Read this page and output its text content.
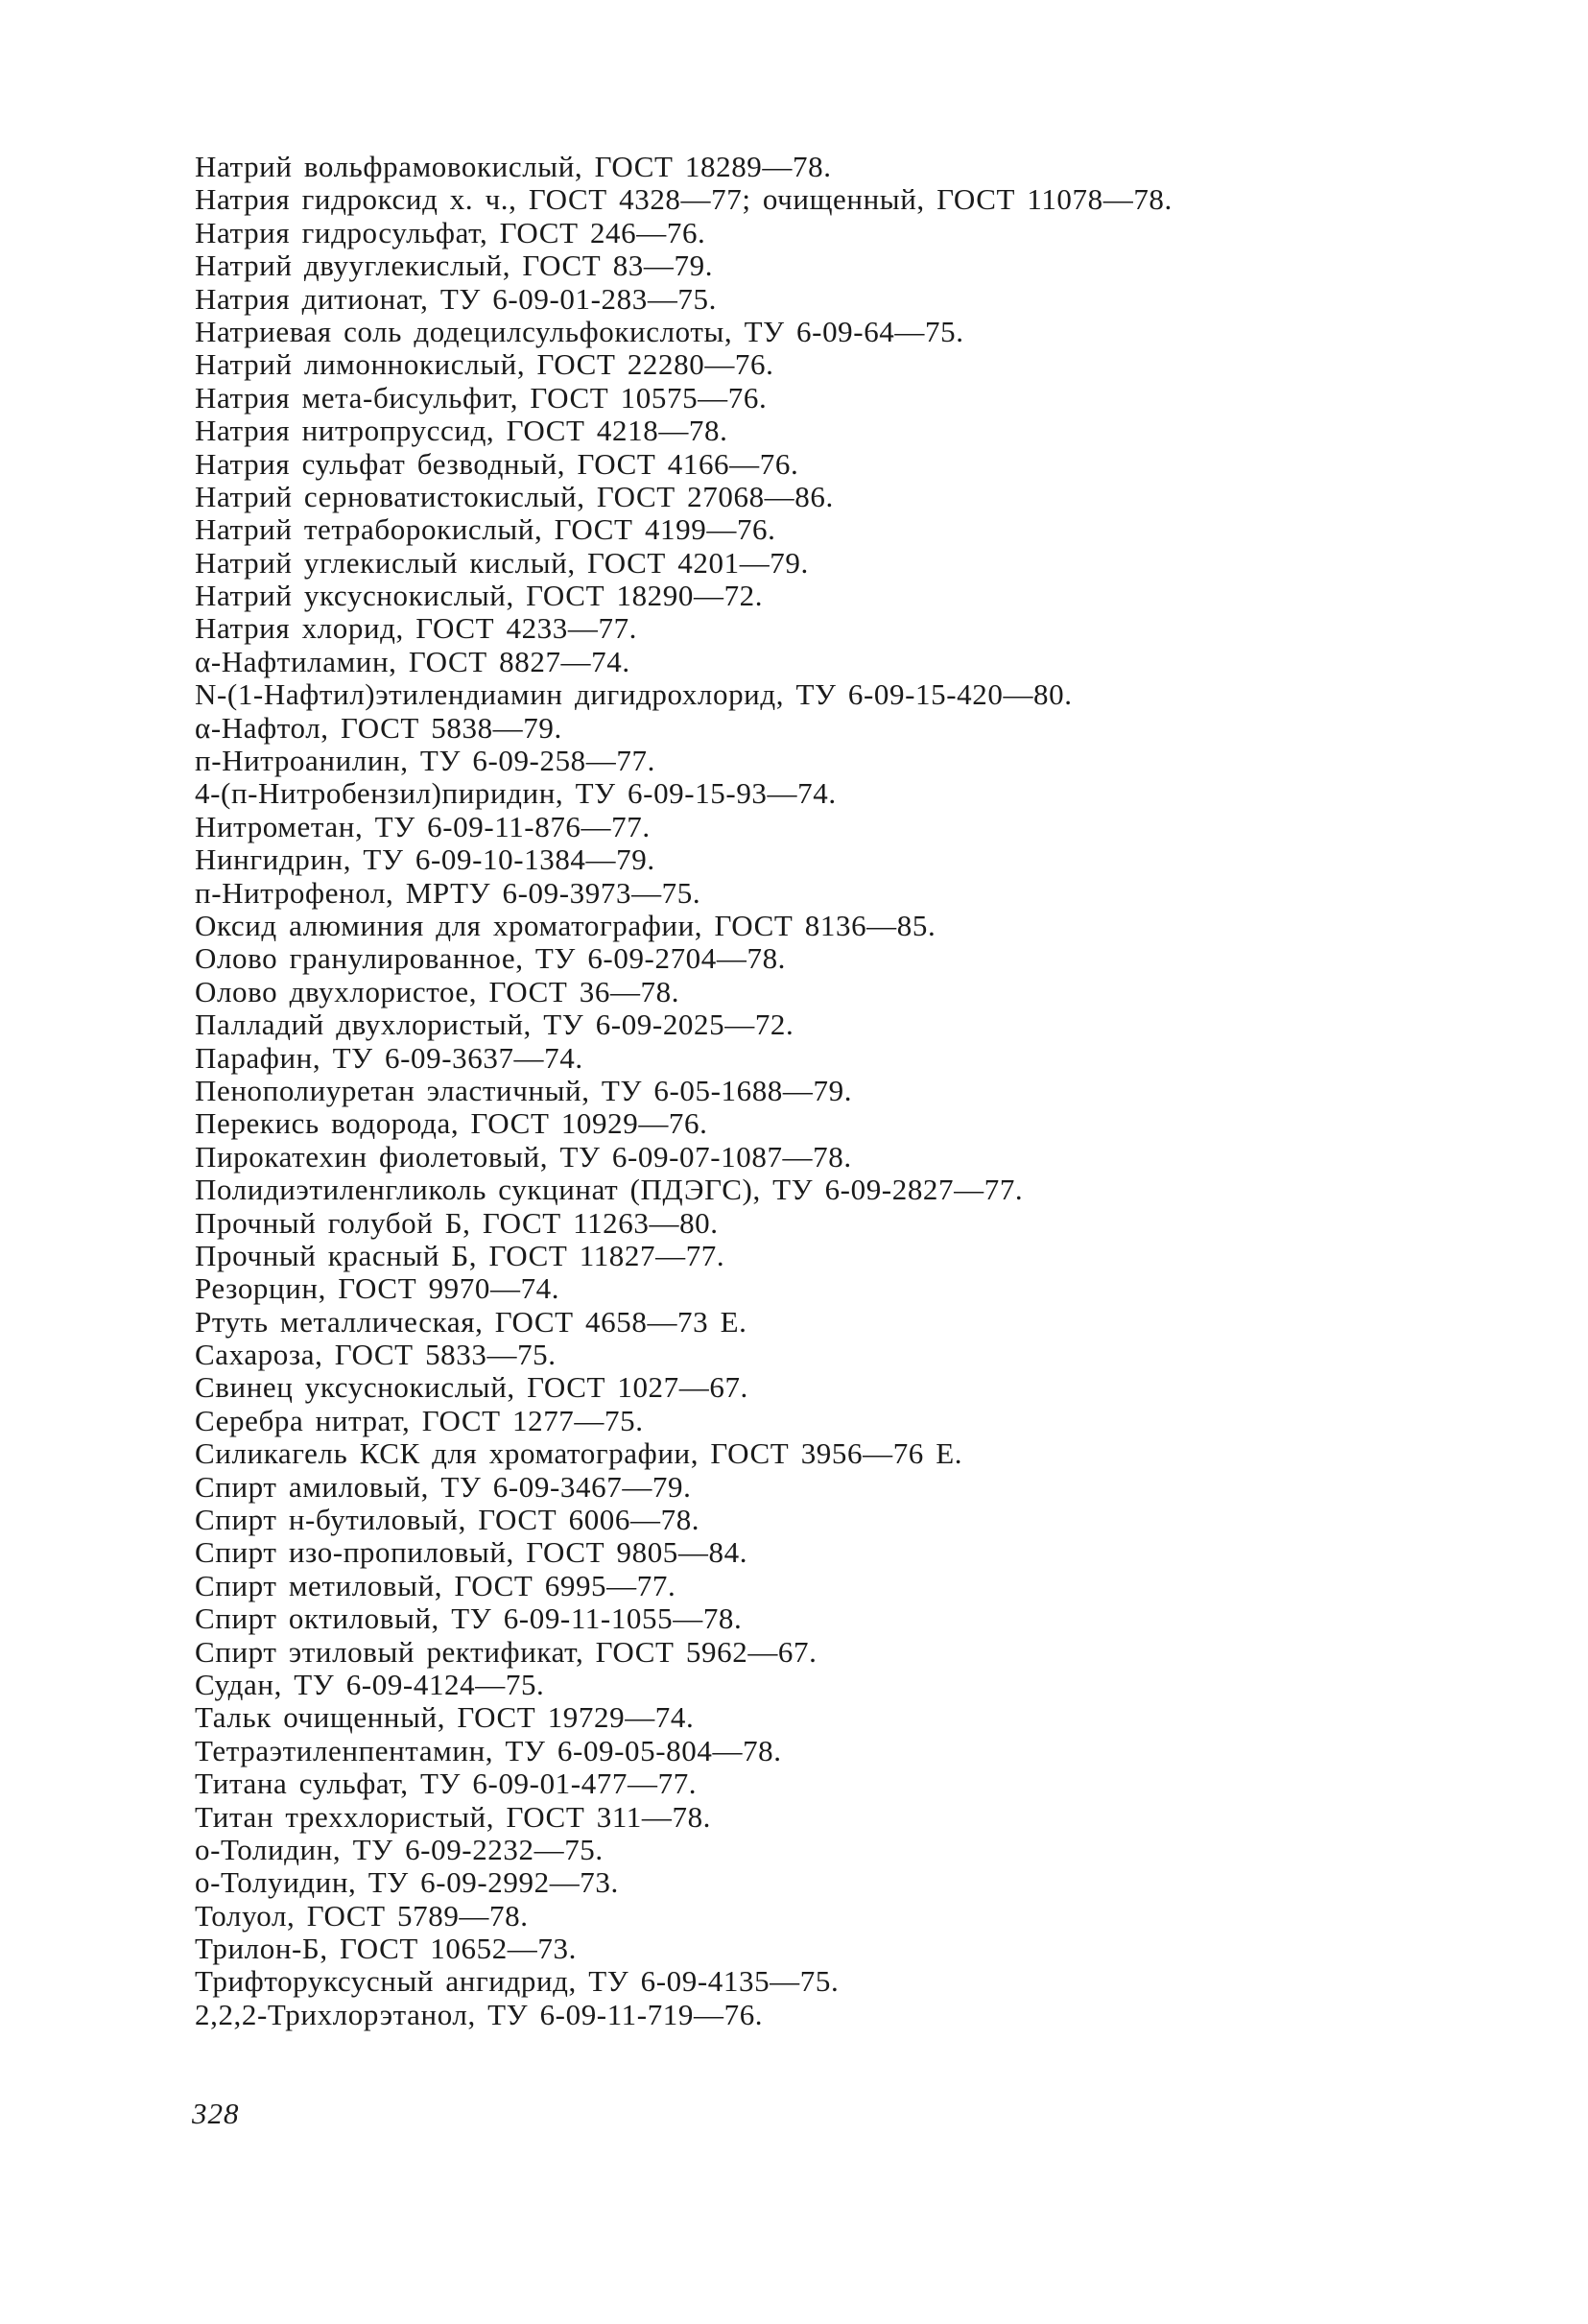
Натрий вольфрамовокислый, ГОСТ 18289—78.
Натрия гидроксид х. ч., ГОСТ 4328—77; очищенный, ГОСТ 11078—78.
Натрия гидросульфат, ГОСТ 246—76.
Натрий двууглекислый, ГОСТ 83—79.
Натрия дитионат, ТУ 6-09-01-283—75.
Натриевая соль додецилсульфокислоты, ТУ 6-09-64—75.
Натрий лимоннокислый, ГОСТ 22280—76.
Натрия мета-бисульфит, ГОСТ 10575—76.
Натрия нитропруссид, ГОСТ 4218—78.
Натрия сульфат безводный, ГОСТ 4166—76.
Натрий серноватистокислый, ГОСТ 27068—86.
Натрий тетраборокислый, ГОСТ 4199—76.
Натрий углекислый кислый, ГОСТ 4201—79.
Натрий уксуснокислый, ГОСТ 18290—72.
Натрия хлорид, ГОСТ 4233—77.
α-Нафтиламин, ГОСТ 8827—74.
N-(1-Нафтил)этилендиамин дигидрохлорид, ТУ 6-09-15-420—80.
α-Нафтол, ГОСТ 5838—79.
п-Нитроанилин, ТУ 6-09-258—77.
4-(п-Нитробензил)пиридин, ТУ 6-09-15-93—74.
Нитрометан, ТУ 6-09-11-876—77.
Нингидрин, ТУ 6-09-10-1384—79.
п-Нитрофенол, МРТУ 6-09-3973—75.
Оксид алюминия для хроматографии, ГОСТ 8136—85.
Олово гранулированное, ТУ 6-09-2704—78.
Олово двухлористое, ГОСТ 36—78.
Палладий двухлористый, ТУ 6-09-2025—72.
Парафин, ТУ 6-09-3637—74.
Пенополиуретан эластичный, ТУ 6-05-1688—79.
Перекись водорода, ГОСТ 10929—76.
Пирокатехин фиолетовый, ТУ 6-09-07-1087—78.
Полидиэтиленгликоль сукцинат (ПДЭГС), ТУ 6-09-2827—77.
Прочный голубой Б, ГОСТ 11263—80.
Прочный красный Б, ГОСТ 11827—77.
Резорцин, ГОСТ 9970—74.
Ртуть металлическая, ГОСТ 4658—73 Е.
Сахароза, ГОСТ 5833—75.
Свинец уксуснокислый, ГОСТ 1027—67.
Серебра нитрат, ГОСТ 1277—75.
Силикагель КСК для хроматографии, ГОСТ 3956—76 Е.
Спирт амиловый, ТУ 6-09-3467—79.
Спирт н-бутиловый, ГОСТ 6006—78.
Спирт изо-пропиловый, ГОСТ 9805—84.
Спирт метиловый, ГОСТ 6995—77.
Спирт октиловый, ТУ 6-09-11-1055—78.
Спирт этиловый ректификат, ГОСТ 5962—67.
Судан, ТУ 6-09-4124—75.
Тальк очищенный, ГОСТ 19729—74.
Тетраэтиленпентамин, ТУ 6-09-05-804—78.
Титана сульфат, ТУ 6-09-01-477—77.
Титан треххлористый, ГОСТ 311—78.
о-Толидин, ТУ 6-09-2232—75.
о-Толуидин, ТУ 6-09-2992—73.
Толуол, ГОСТ 5789—78.
Трилон-Б, ГОСТ 10652—73.
Трифторуксусный ангидрид, ТУ 6-09-4135—75.
2,2,2-Трихлорэтанол, ТУ 6-09-11-719—76.
328
